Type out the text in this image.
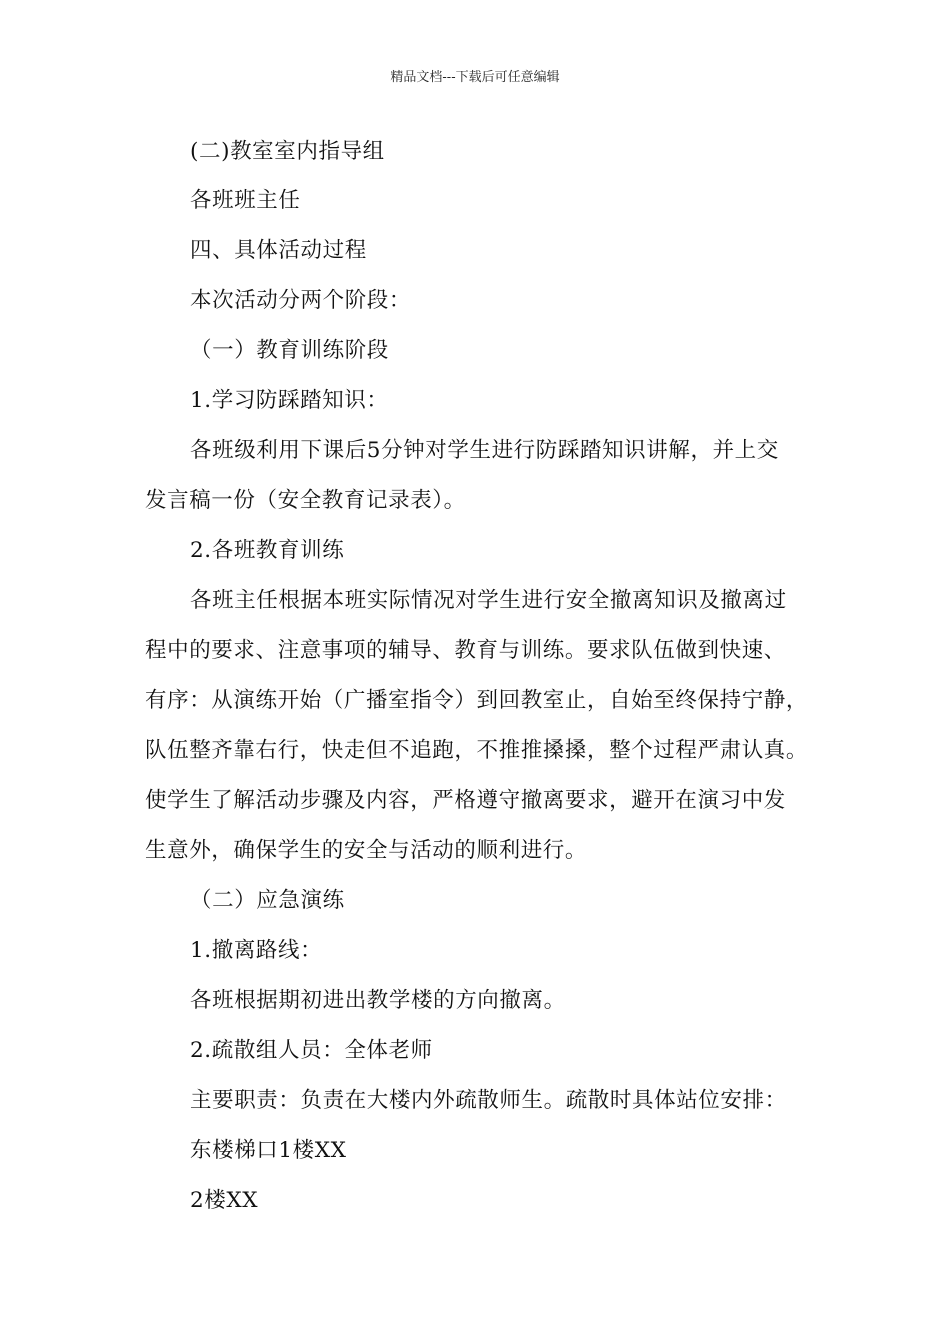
精品文档---下载后可任意编辑
(二)教室室内指导组
各班班主任
四、具体活动过程
本次活动分两个阶段：
（一）教育训练阶段
1.学习防踩踏知识：
各班级利用下课后5分钟对学生进行防踩踏知识讲解，并上交
发言稿一份（安全教育记录表）。
2.各班教育训练
各班主任根据本班实际情况对学生进行安全撤离知识及撤离过
程中的要求、注意事项的辅导、教育与训练。要求队伍做到快速、
有序：从演练开始（广播室指令）到回教室止，自始至终保持宁静，
队伍整齐靠右行，快走但不追跑，不推推搡搡，整个过程严肃认真。
使学生了解活动步骤及内容，严格遵守撤离要求，避开在演习中发
生意外，确保学生的安全与活动的顺利进行。
（二）应急演练
1.撤离路线：
各班根据期初进出教学楼的方向撤离。
2.疏散组人员：全体老师
主要职责：负责在大楼内外疏散师生。疏散时具体站位安排：
东楼梯口1楼XX
2楼XX
